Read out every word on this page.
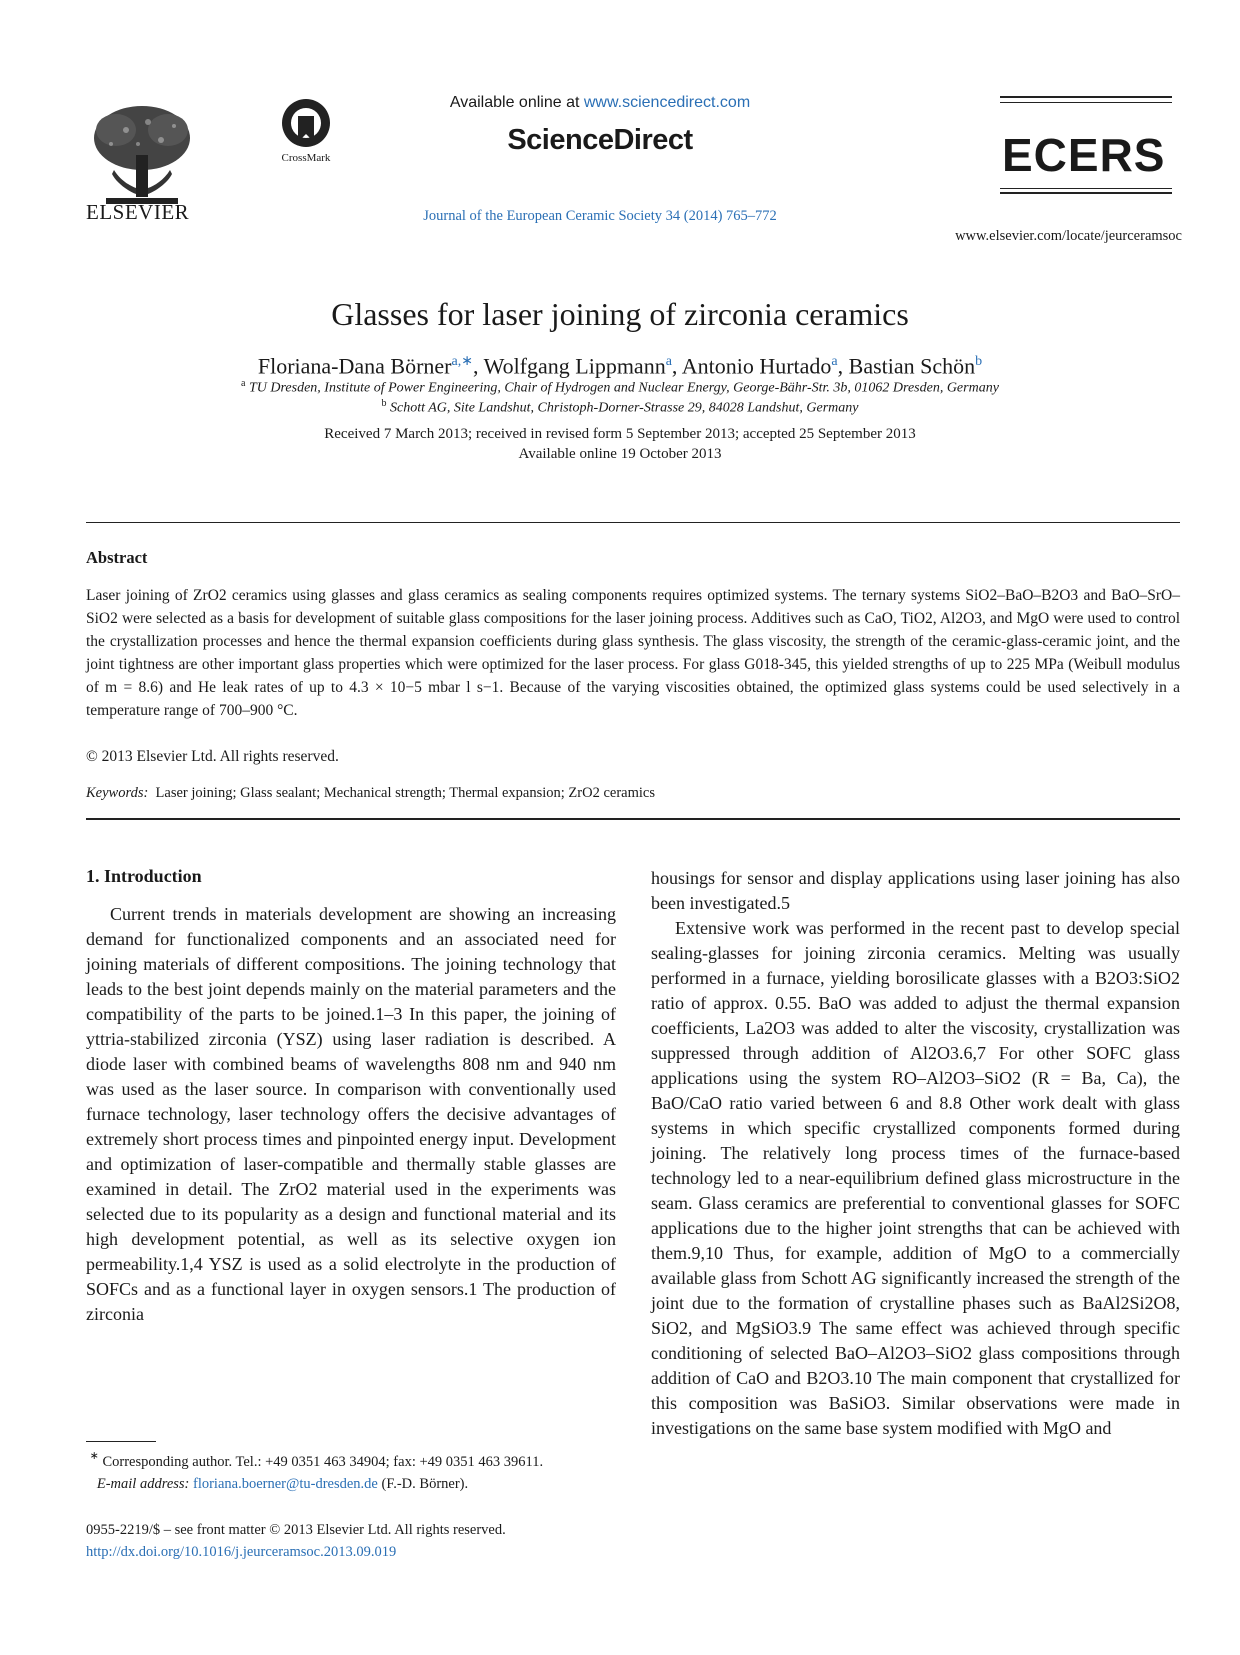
ELSEVIER
CrossMark
Available online at www.sciencedirect.com
ScienceDirect
Journal of the European Ceramic Society 34 (2014) 765–772
ECERS
www.elsevier.com/locate/jeurceramsoc
Glasses for laser joining of zirconia ceramics
Floriana-Dana Börner$^{a,∗}$, Wolfgang Lippmann$^a$, Antonio Hurtado$^a$, Bastian Schön$^b$
$^a$ TU Dresden, Institute of Power Engineering, Chair of Hydrogen and Nuclear Energy, George-Bähr-Str. 3b, 01062 Dresden, Germany
$^b$ Schott AG, Site Landshut, Christoph-Dorner-Strasse 29, 84028 Landshut, Germany
Received 7 March 2013; received in revised form 5 September 2013; accepted 25 September 2013
Available online 19 October 2013
Abstract
Laser joining of ZrO2 ceramics using glasses and glass ceramics as sealing components requires optimized systems. The ternary systems SiO2–BaO–B2O3 and BaO–SrO–SiO2 were selected as a basis for development of suitable glass compositions for the laser joining process. Additives such as CaO, TiO2, Al2O3, and MgO were used to control the crystallization processes and hence the thermal expansion coefficients during glass synthesis. The glass viscosity, the strength of the ceramic-glass-ceramic joint, and the joint tightness are other important glass properties which were optimized for the laser process. For glass G018-345, this yielded strengths of up to 225 MPa (Weibull modulus of m = 8.6) and He leak rates of up to 4.3 × 10−5 mbar l s−1. Because of the varying viscosities obtained, the optimized glass systems could be used selectively in a temperature range of 700–900 °C.
© 2013 Elsevier Ltd. All rights reserved.
Keywords: Laser joining; Glass sealant; Mechanical strength; Thermal expansion; ZrO2 ceramics
1. Introduction

Current trends in materials development are showing an increasing demand for functionalized components and an associated need for joining materials of different compositions. The joining technology that leads to the best joint depends mainly on the material parameters and the compatibility of the parts to be joined.1–3 In this paper, the joining of yttria-stabilized zirconia (YSZ) using laser radiation is described. A diode laser with combined beams of wavelengths 808 nm and 940 nm was used as the laser source. In comparison with conventionally used furnace technology, laser technology offers the decisive advantages of extremely short process times and pinpointed energy input. Development and optimization of laser-compatible and thermally stable glasses are examined in detail. The ZrO2 material used in the experiments was selected due to its popularity as a design and functional material and its high development potential, as well as its selective oxygen ion permeability.1,4 YSZ is used as a solid electrolyte in the production of SOFCs and as a functional layer in oxygen sensors.1 The production of zirconia

housings for sensor and display applications using laser joining has also been investigated.5

Extensive work was performed in the recent past to develop special sealing-glasses for joining zirconia ceramics. Melting was usually performed in a furnace, yielding borosilicate glasses with a B2O3:SiO2 ratio of approx. 0.55. BaO was added to adjust the thermal expansion coefficients, La2O3 was added to alter the viscosity, crystallization was suppressed through addition of Al2O3.6,7 For other SOFC glass applications using the system RO–Al2O3–SiO2 (R = Ba, Ca), the BaO/CaO ratio varied between 6 and 8.8 Other work dealt with glass systems in which specific crystallized components formed during joining. The relatively long process times of the furnace-based technology led to a near-equilibrium defined glass microstructure in the seam. Glass ceramics are preferential to conventional glasses for SOFC applications due to the higher joint strengths that can be achieved with them.9,10 Thus, for example, addition of MgO to a commercially available glass from Schott AG significantly increased the strength of the joint due to the formation of crystalline phases such as BaAl2Si2O8, SiO2, and MgSiO3.9 The same effect was achieved through specific conditioning of selected BaO–Al2O3–SiO2 glass compositions through addition of CaO and B2O3.10 The main component that crystallized for this composition was BaSiO3. Similar observations were made in investigations on the same base system modified with MgO and

∗ Corresponding author. Tel.: +49 0351 463 34904; fax: +49 0351 463 39611.
E-mail address: floriana.boerner@tu-dresden.de (F.-D. Börner).
0955-2219/$ – see front matter © 2013 Elsevier Ltd. All rights reserved.
http://dx.doi.org/10.1016/j.jeurceramsoc.2013.09.019
